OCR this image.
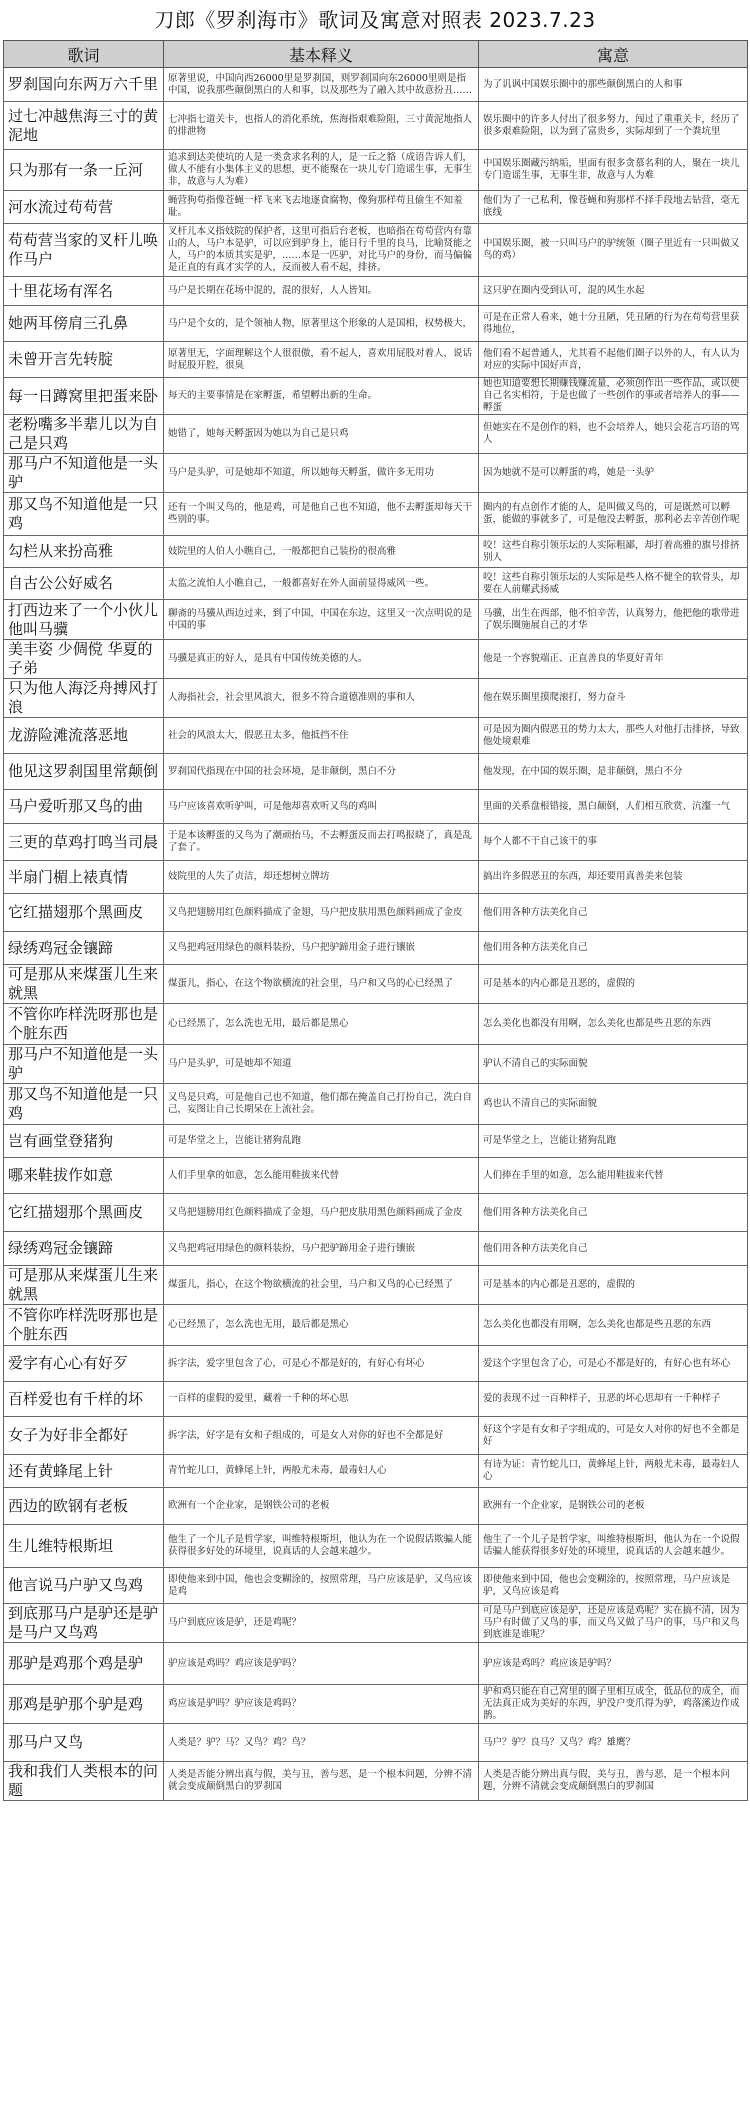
刀郎《罗刹海市》歌词及寓意对照表 2023.7.23
歌词	基本释义	寓意
罗刹国向东两万六千里	原著里说，中国向西26000里是罗刹国，则罗刹国向东26000里则是指中国，说我那些颠倒黑白的人和事，以及那些为了融入其中故意扮丑……	为了讥讽中国娱乐圈中的那些颠倒黑白的人和事
过七冲越焦海三寸的黄泥地	七冲指七道关卡，也指人的消化系统，焦海指艰难险阻，三寸黄泥地指人的排泄物	娱乐圈中的许多人付出了很多努力，闯过了重重关卡，经历了很多艰难险阻，以为到了富贵乡，实际却到了一个粪坑里
只为那有一条一丘河	追求到达美使坑的人是一类贪求名利的人，是一丘之貉（成语告诉人们，做人不能有小集体主义的思想，更不能聚在一块儿专门造谣生事，无事生非，故意与人为难）	中国娱乐圈藏污纳垢，里面有很多贪慕名利的人，聚在一块儿专门造谣生事，无事生非，故意与人为难
河水流过苟苟营	蝇营狗苟指像苍蝇一样飞来飞去地逐食腐物，像狗那样苟且偷生不知羞耻。	他们为了一己私利，像苍蝇和狗那样不择手段地去钻营，毫无底线
苟苟营当家的叉杆儿唤作马户	叉杆儿本义指妓院的保护者，这里可指后台老板，也暗指在苟苟营内有靠山的人，马户本是驴，可以应到驴身上，能日行千里的良马，比喻贤能之人，马户的本质其实是驴，……本是一匹驴，对比马户的身份，而马偏偏是正直的有真才实学的人，反而被人看不起，排挤。	中国娱乐圈，被一只叫马户的驴统领（圈子里近有一只叫做又鸟的鸡）
十里花场有浑名	马户是长期在花场中混的，混的很好，人人皆知。	这只驴在圈内受到认可，混的风生水起
她两耳傍肩三孔鼻	马户是个女的，是个领袖人物，原著里这个形象的人是国相，权势极大，	可是在正常人看来，她十分丑陋，凭丑陋的行为在苟苟营里获得地位，
未曾开言先转腚	原著里无，字面理解这个人很很傲，看不起人，喜欢用屁股对着人，说话时屁股开腔，很臭	他们看不起普通人，尤其看不起他们圈子以外的人，有人认为对应的实际中国好声音，
每一日蹲窝里把蛋来卧	每天的主要事情是在家孵蛋，希望孵出新的生命。	她也知道要想长期赚钱赚流量，必须创作出一些作品，或以使自己名实相符，于是也做了一些创作的事或者培养人的事——孵蛋
老粉嘴多半辈儿以为自己是只鸡	她错了，她每天孵蛋因为她以为自己是只鸡	但她实在不是创作的料，也不会培养人，她只会花言巧语的骂人
那马户不知道他是一头驴	马户是头驴，可是她却不知道，所以她每天孵蛋，做许多无用功	因为她就不是可以孵蛋的鸡，她是一头驴
那又鸟不知道他是一只鸡	还有一个叫又鸟的，他是鸡，可是他自己也不知道，他不去孵蛋却每天干些别的事。	圈内的有点创作才能的人，是叫做又鸟的，可是既然可以孵蛋，能做的事就多了，可是他没去孵蛋，那利必去辛苦创作呢
勾栏从来扮高雅	妓院里的人伯人小瞧自己，一般都把自己装扮的很高雅	咬！这些自称引领乐坛的人实际粗鄙，却打着高雅的旗号排挤别人
自古公公好威名	太监之流怕人小瞧自己，一般都喜好在外人面前显得威风一些。	咬！这些自称引领乐坛的人实际是些人格不健全的软骨头，却要在人前耀武扬威
打西边来了一个小伙儿他叫马骥	聊斋的马骥从西边过来，到了中国，中国在东边，这里又一次点明说的是中国的事	马骥，出生在西部，他不怕辛苦，认真努力，他把他的歌带进了娱乐圈施展自己的才华
美丰姿 少倜傥 华夏的子弟	马骥是真正的好人，是具有中国传统美德的人。	他是一个容貌端正、正直善良的华夏好青年
只为他人海泛舟搏风打浪	人海指社会，社会里风浪大，很多不符合道德准则的事和人	他在娱乐圈里摸爬滚打，努力奋斗
龙游险滩流落恶地	社会的风浪太大，假恶丑太多，他抵挡不住	可是因为圈内假恶丑的势力太大，那些人对他打击排挤，导致他处境艰难
他见这罗刹国里常颠倒	罗刹国代指现在中国的社会环境，是非颠倒，黑白不分	他发现，在中国的娱乐圈，是非颠倒，黑白不分
马户爱听那又鸟的曲	马户应该喜欢听驴叫，可是他却喜欢听又鸟的鸡叫	里面的关系盘根错接，黑白颠倒，人们相互欣赏、沆瀣一气
三更的草鸡打鸣当司晨	于是本该孵蛋的又鸟为了潮顽抬马，不去孵蛋反而去打鸣报晓了，真是乱了套了。	每个人都不干自己该干的事
半扇门楣上裱真情	妓院里的人失了贞洁，却还想树立牌坊	搞出许多假恶丑的东西，却还要用真善美来包装
它红描翅那个黑画皮	又鸟把翅膀用红色颜料描成了金翅，马户把皮肤用黑色颜料画成了金皮	他们用各种方法美化自己
绿绣鸡冠金镶蹄	又鸟把鸡冠用绿色的颜料装扮，马户把驴蹄用金子进行镶嵌	他们用各种方法美化自己
可是那从来煤蛋儿生来就黑	煤蛋儿，指心，在这个物欲横流的社会里，马户和又鸟的心已经黑了	可是基本的内心都是丑恶的，虚假的
不管你咋样洗呀那也是个脏东西	心已经黑了，怎么洗也无用，最后都是黑心	怎么美化也都没有用啊，怎么美化也都是些丑恶的东西
那马户不知道他是一头驴	马户是头驴，可是她却不知道	驴认不清自己的实际面貌
那又鸟不知道他是一只鸡	又鸟是只鸡，可是他自己也不知道，他们都在掩盖自己打扮自己，洗白自己，妄图让自己长期呆在上流社会。	鸡也认不清自己的实际面貌
岂有画堂登猪狗	可是华堂之上，岂能让猪狗乱跑	可是华堂之上，岂能让猪狗乱跑
哪来鞋拔作如意	人们手里拿的如意，怎么能用鞋拔来代替	人们捧在手里的如意，怎么能用鞋拔来代替
它红描翅那个黑画皮	又鸟把翅膀用红色颜料描成了金翅，马户把皮肤用黑色颜料画成了金皮	他们用各种方法美化自己
绿绣鸡冠金镶蹄	又鸟把鸡冠用绿色的颜料装扮，马户把驴蹄用金子进行镶嵌	他们用各种方法美化自己
可是那从来煤蛋儿生来就黑	煤蛋儿，指心，在这个物欲横流的社会里，马户和又鸟的心已经黑了	可是基本的内心都是丑恶的，虚假的
不管你咋样洗呀那也是个脏东西	心已经黑了，怎么洗也无用，最后都是黑心	怎么美化也都没有用啊，怎么美化也都是些丑恶的东西
爱字有心心有好歹	拆字法，爱字里包含了心，可是心不都是好的，有好心有坏心	爱这个字里包含了心，可是心不都是好的，有好心也有坏心
百样爱也有千样的坏	一百样的虚假的爱里，藏着一千种的坏心思	爱的表现不过一百种样子，丑恶的坏心思却有一千种样子
女子为好非全都好	拆字法，好字是有女和子组成的，可是女人对你的好也不全都是好	好这个字是有女和子字组成的，可是女人对你的好也不全都是好
还有黄蜂尾上针	青竹蛇儿口，黄蜂尾上针，两般尤未毒，最毒妇人心	有诗为证：青竹蛇儿口，黄蜂尾上针，两般尤未毒，最毒妇人心
西边的欧钢有老板	欧洲有一个企业家，是钢铁公司的老板	欧洲有一个企业家，是钢铁公司的老板
生儿维特根斯坦	他生了一个儿子是哲学家，叫维特根斯坦，他认为在一个说假话欺骗人能获得很多好处的环境里，说真话的人会越来越少。	他生了一个儿子是哲学家，叫维特根斯坦，他认为在一个说假话骗人能获得很多好处的环境里，说真话的人会越来越少。
他言说马户驴又鸟鸡	即使他来到中国，他也会变糊涂的，按照常理，马户应该是驴，又鸟应该是鸡	即使他来到中国，他也会变糊涂的，按照常理，马户应该是驴，又鸟应该是鸡
到底那马户是驴还是驴是马户又鸟鸡	马户到底应该是驴，还是鸡呢？	可是马户到底应该是驴，还是应该是鸡呢？实在搞不清，因为马户有时做了又鸟的事，而又鸟又做了马户的事，马户和又鸟到底谁是谁呢？
那驴是鸡那个鸡是驴	驴应该是鸡吗？鸡应该是驴吗？	驴应该是鸡吗？鸡应该是驴吗？
那鸡是驴那个驴是鸡	鸡应该是驴吗？驴应该是鸡吗？	驴和鸡只能在自己窝里的圈子里相互成全，低品位的成全，而无法真正成为美好的东西，驴没户变爪得为驴，鸡落溪边作成鹊。
那马户又鸟	人类是？驴？马？又鸟？鸡？鸟？	马户？驴？良马？又鸟？鸡？雄鹰？
我和我们人类根本的问题	人类是否能分辨出真与假，美与丑，善与恶，是一个根本问题，分辨不清就会变成颠倒黑白的罗刹国	人类是否能分辨出真与假，美与丑，善与恶，是一个根本问题，分辨不清就会变成颠倒黑白的罗刹国
